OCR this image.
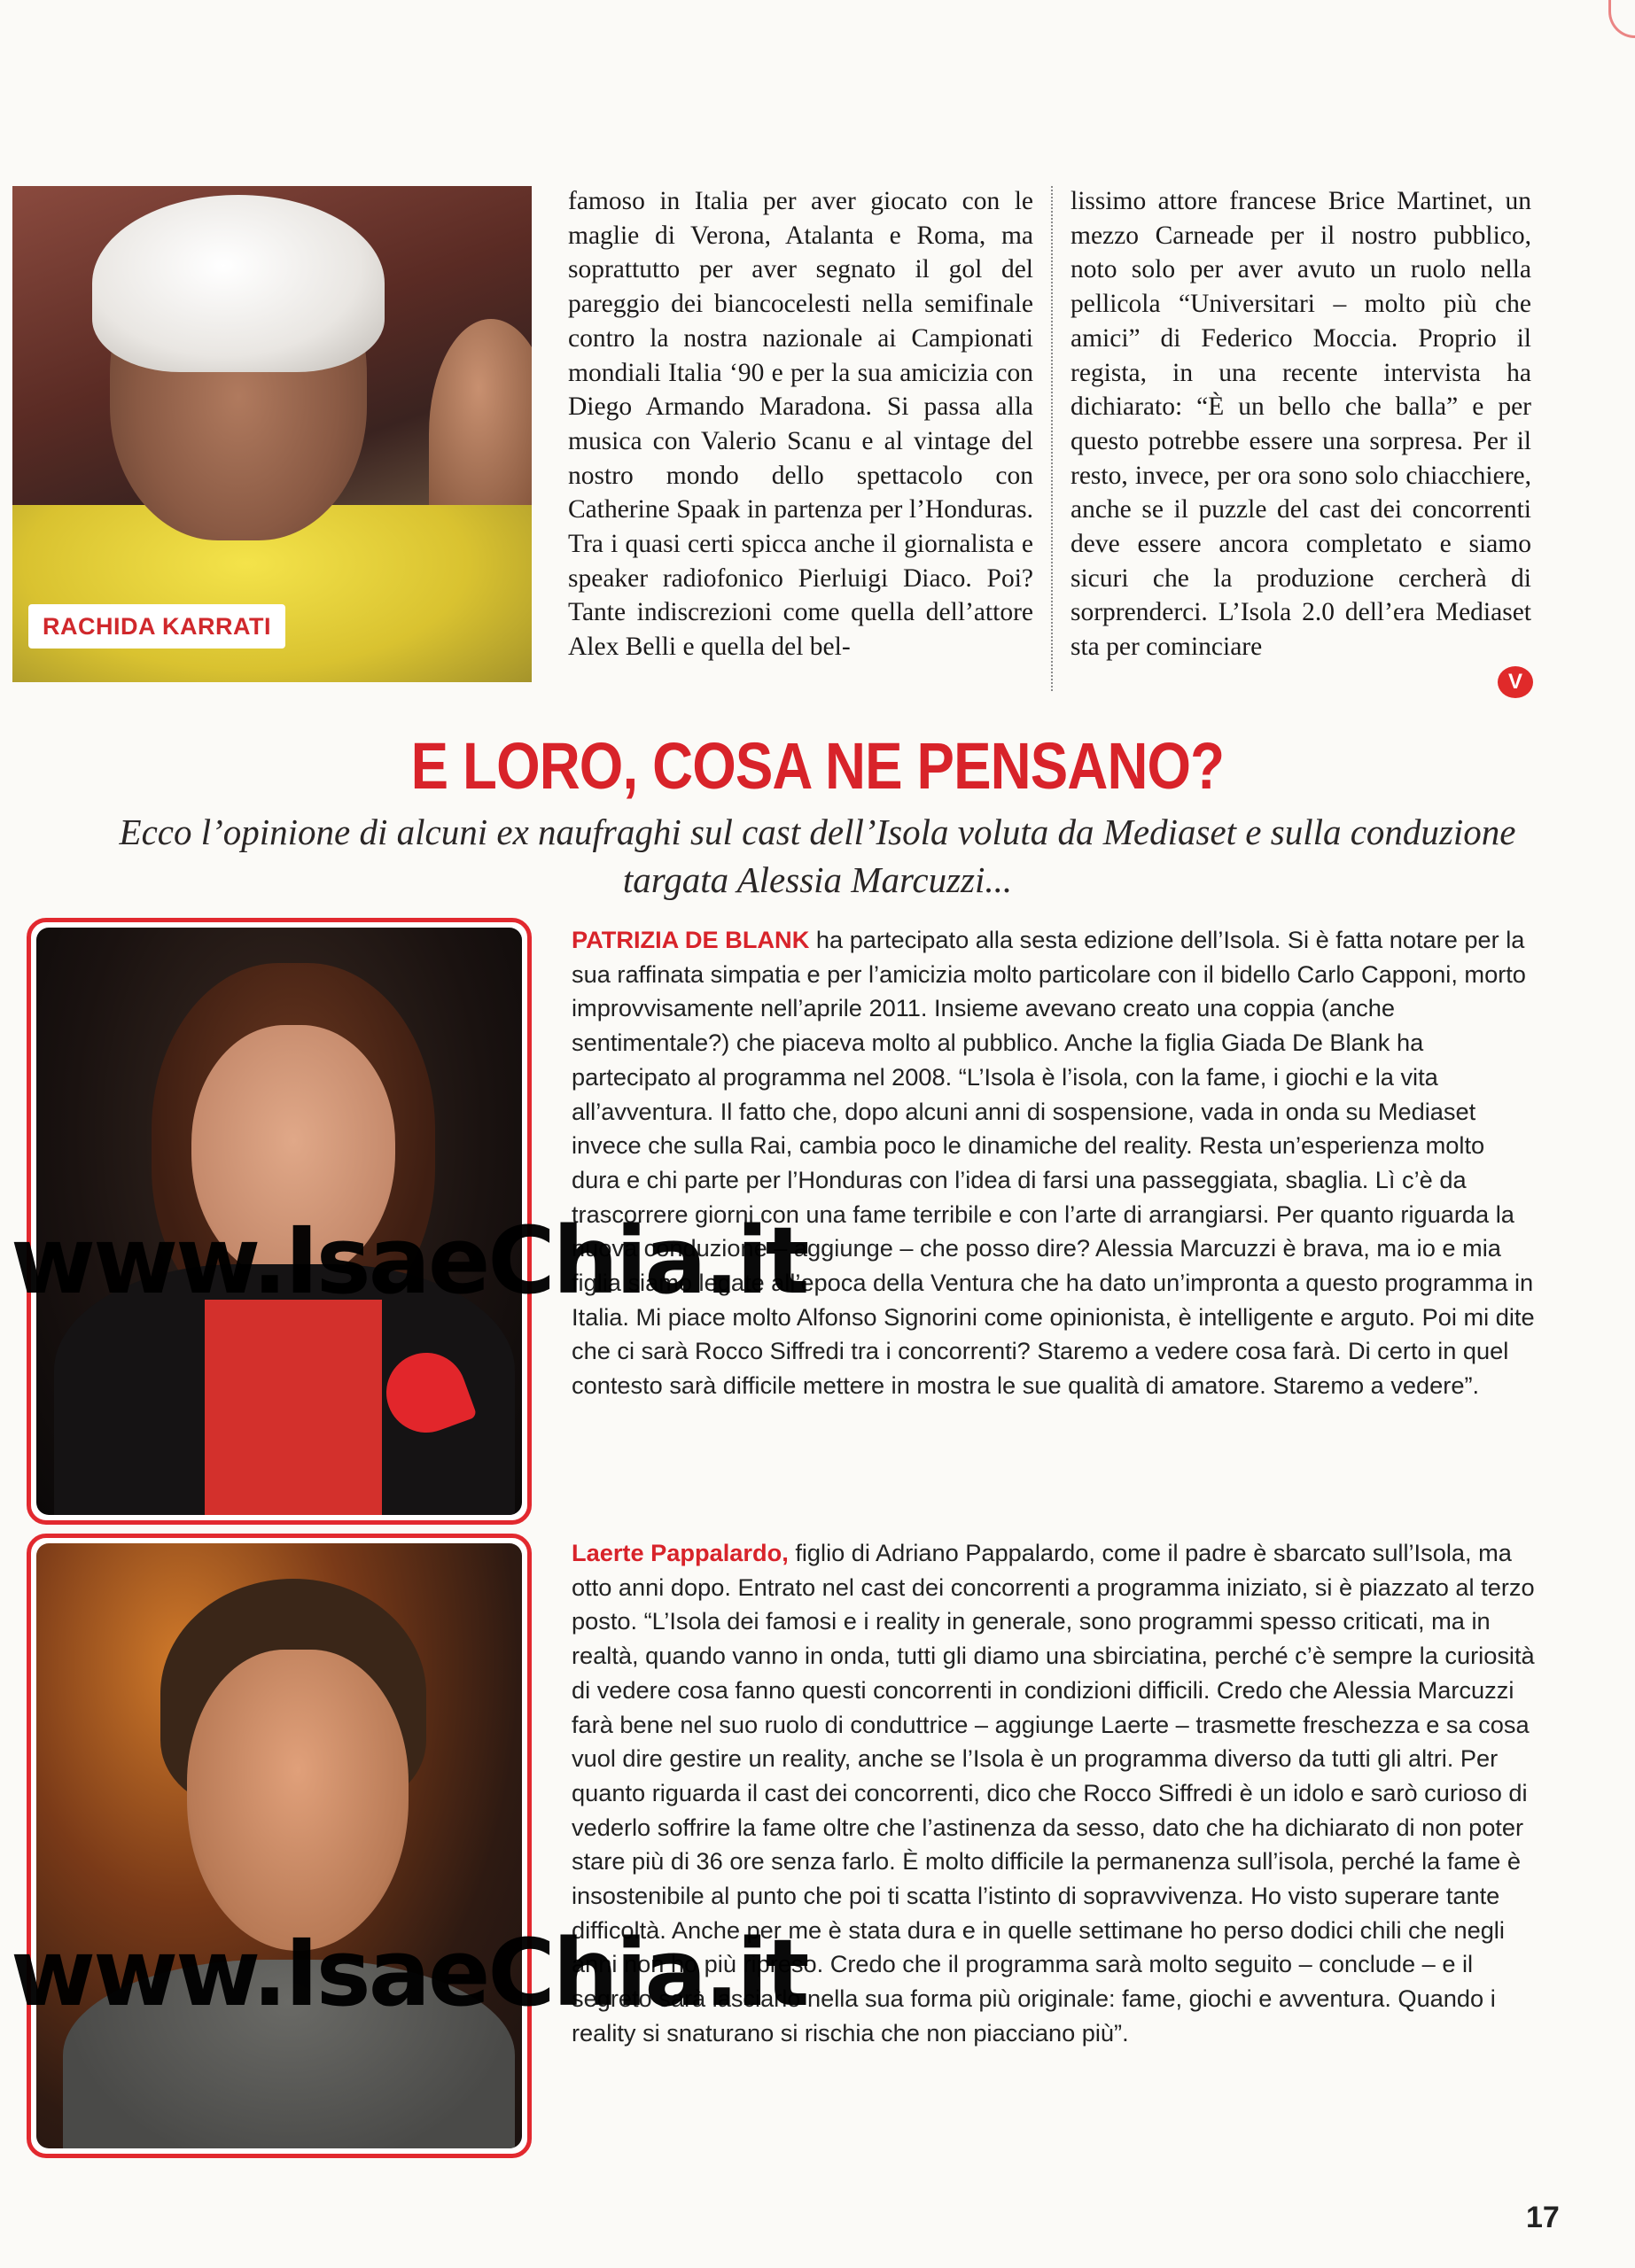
RACHIDA KARRATI

famoso in Italia per aver giocato con le maglie di Verona, Atalanta e Roma, ma soprattutto per aver segnato il gol del pareggio dei biancocelesti nella semifinale contro la nostra nazionale ai Campionati mondiali Italia ‘90 e per la sua amicizia con Diego Armando Maradona. Si passa alla musica con Valerio Scanu e al vintage del nostro mondo dello spettacolo con Catherine Spaak in partenza per l’Honduras. Tra i quasi certi spicca anche il giornalista e speaker radiofonico Pierluigi Diaco. Poi? Tante indiscrezioni come quella dell’attore Alex Belli e quella del bel-

lissimo attore francese Brice Martinet, un mezzo Carneade per il nostro pubblico, noto solo per aver avuto un ruolo nella pellicola “Universitari – molto più che amici” di Federico Moccia. Proprio il regista, in una recente intervista ha dichiarato: “È un bello che balla” e per questo potrebbe essere una sorpresa. Per il resto, invece, per ora sono solo chiacchiere, anche se il puzzle del cast dei concorrenti deve essere ancora completato e siamo sicuri che la produzione cercherà di sorprenderci. L’Isola 2.0 dell’era Mediaset sta per cominciare

V
E LORO, COSA NE PENSANO?
Ecco l’opinione di alcuni ex naufraghi sul cast dell’Isola voluta da Mediaset e sulla conduzione targata Alessia Marcuzzi...

PATRIZIA DE BLANK ha partecipato alla sesta edizione dell’Isola. Si è fatta notare per la sua raffinata simpatia e per l’amicizia molto particolare con il bidello Carlo Capponi, morto improvvisamente nell’aprile 2011. Insieme avevano creato una coppia (anche sentimentale?) che piaceva molto al pubblico. Anche la figlia Giada De Blank ha partecipato al programma nel 2008. “L’Isola è l’isola, con la fame, i giochi e la vita all’avventura. Il fatto che, dopo alcuni anni di sospensione, vada in onda su Mediaset invece che sulla Rai, cambia poco le dinamiche del reality. Resta un’esperienza molto dura e chi parte per l’Honduras con l’idea di farsi una passeggiata, sbaglia. Lì c’è da trascorrere giorni con una fame terribile e con l’arte di arrangiarsi. Per quanto riguarda la nuova conduzione – aggiunge – che posso dire? Alessia Marcuzzi è brava, ma io e mia figlia siamo legate all’epoca della Ventura che ha dato un’impronta a questo programma in Italia. Mi piace molto Alfonso Signorini come opinionista, è intelligente e arguto. Poi mi dite che ci sarà Rocco Siffredi tra i concorrenti? Staremo a vedere cosa farà. Di certo in quel contesto sarà difficile mettere in mostra le sue qualità di amatore. Staremo a vedere”.

Laerte Pappalardo, figlio di Adriano Pappalardo, come il padre è sbarcato sull’Isola, ma otto anni dopo. Entrato nel cast dei concorrenti a programma iniziato, si è piazzato al terzo posto. “L’Isola dei famosi e i reality in generale, sono programmi spesso criticati, ma in realtà, quando vanno in onda, tutti gli diamo una sbirciatina, perché c’è sempre la curiosità di vedere cosa fanno questi concorrenti in condizioni difficili. Credo che Alessia Marcuzzi farà bene nel suo ruolo di conduttrice – aggiunge Laerte – trasmette freschezza e sa cosa vuol dire gestire un reality, anche se l’Isola è un programma diverso da tutti gli altri. Per quanto riguarda il cast dei concorrenti, dico che Rocco Siffredi è un idolo e sarò curioso di vederlo soffrire la fame oltre che l’astinenza da sesso, dato che ha dichiarato di non poter stare più di 36 ore senza farlo. È molto difficile la permanenza sull’isola, perché la fame è insostenibile al punto che poi ti scatta l’istinto di sopravvivenza. Ho visto superare tante difficoltà. Anche per me è stata dura e in quelle settimane ho perso dodici chili che negli anni non ho più ripreso. Credo che il programma sarà molto seguito – conclude – e il segreto sarà lasciarlo nella sua forma più originale: fame, giochi e avventura. Quando i reality si snaturano si rischia che non piacciano più”.

www.IsaeChia.it
www.IsaeChia.it
17
